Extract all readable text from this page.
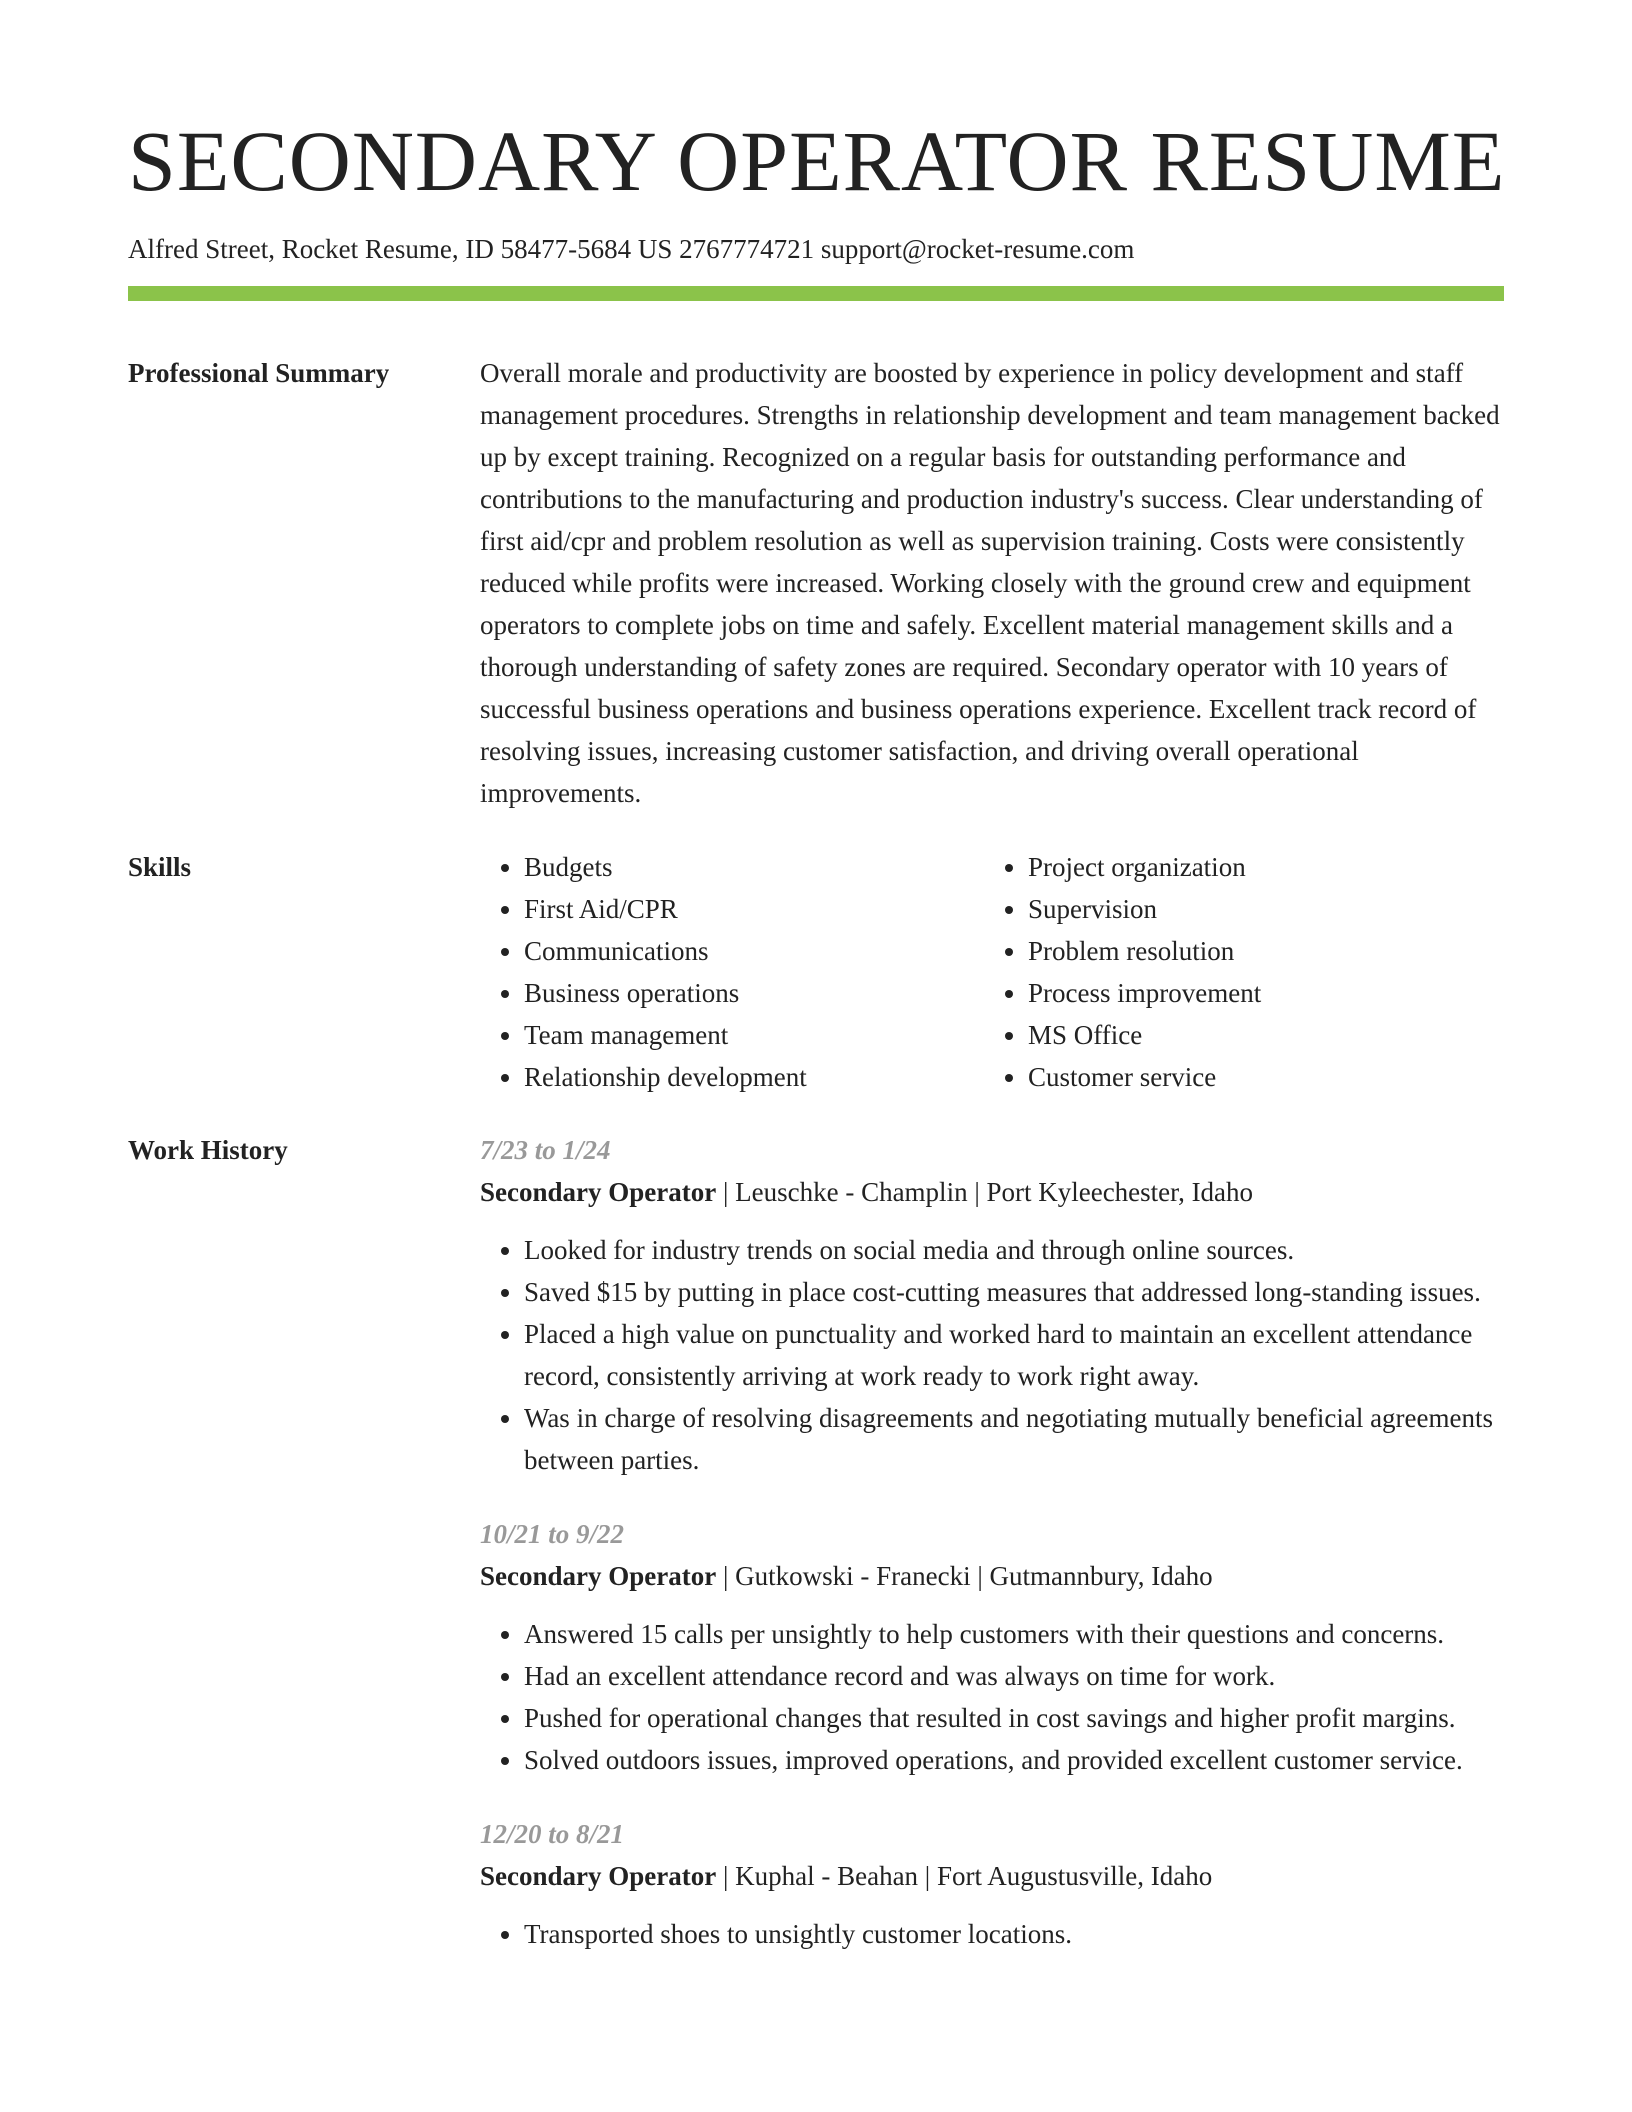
SECONDARY OPERATOR RESUME
Alfred Street, Rocket Resume, ID 58477-5684 US 2767774721 support@rocket-resume.com
Professional Summary	Overall morale and productivity are boosted by experience in policy development and staff management procedures. Strengths in relationship development and team management backed up by except training. Recognized on a regular basis for outstanding performance and contributions to the manufacturing and production industry's success. Clear understanding of first aid/cpr and problem resolution as well as supervision training. Costs were consistently reduced while profits were increased. Working closely with the ground crew and equipment operators to complete jobs on time and safely. Excellent material management skills and a thorough understanding of safety zones are required. Secondary operator with 10 years of successful business operations and business operations experience. Excellent track record of resolving issues, increasing customer satisfaction, and driving overall operational improvements.

Skills
•	Budgets
• First Aid/CPR
• Communications
• Business operations
• Team management
• Relationship development
• Project organization
• Supervision
• Problem resolution
• Process improvement
• MS Office
• Customer service
Work History	7/23 to 1/24
Secondary Operator | Leuschke - Champlin | Port Kyleechester, Idaho
• Looked for industry trends on social media and through online sources.
• Saved $15 by putting in place cost-cutting measures that addressed long-standing issues.
• Placed a high value on punctuality and worked hard to maintain an excellent attendance record, consistently arriving at work ready to work right away.
• Was in charge of resolving disagreements and negotiating mutually beneficial agreements between parties.
10/21 to 9/22
Secondary Operator | Gutkowski - Franecki | Gutmannbury, Idaho
• Answered 15 calls per unsightly to help customers with their questions and concerns.
• Had an excellent attendance record and was always on time for work.
• Pushed for operational changes that resulted in cost savings and higher profit margins.
• Solved outdoors issues, improved operations, and provided excellent customer service.
12/20 to 8/21
Secondary Operator | Kuphal - Beahan | Fort Augustusville, Idaho
• Transported shoes to unsightly customer locations.
